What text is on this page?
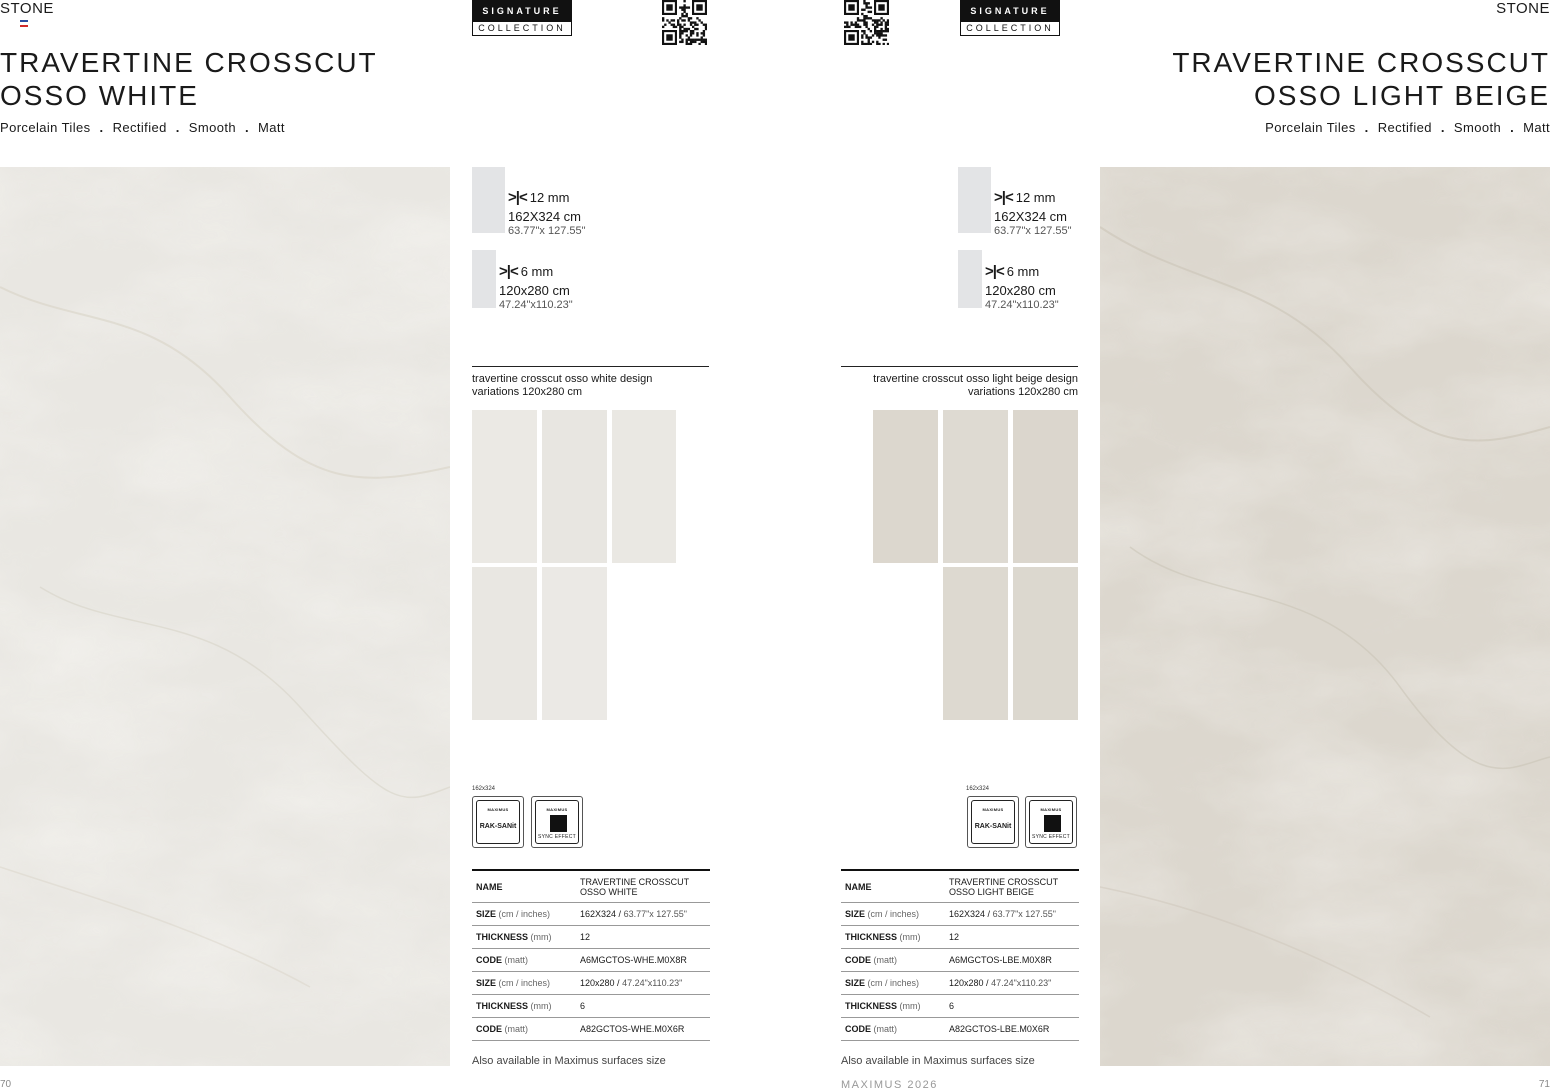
STONE	SIGNATURE
COLLECTION
TRAVERTINE CROSSCUT
OSSO WHITE
Porcelain Tiles . Rectified . Smooth . Matt
>|< 12 mm
162X324 cm
63.77"x 127.55"
>|< 6 mm
120x280 cm
47.24"x110.23"
travertine crosscut osso white design
variations 120x280 cm
162x324
MAXIMUS
RAK-SANit
MAXIMUS
SYNC EFFECT
NAME	TRAVERTINE CROSSCUT
OSSO WHITE

SIZE (cm / inches)	162X324 / 63.77"x 127.55"
THICKNESS (mm)	12
CODE (matt)	A6MGCTOS-WHE.M0X8R
SIZE (cm / inches)	120x280 / 47.24"x110.23"
THICKNESS (mm)	6
CODE (matt)	A82GCTOS-WHE.M0X6R
Also available in Maximus surfaces size
70
SIGNATURE
COLLECTION
STONE
TRAVERTINE CROSSCUT
OSSO LIGHT BEIGE
Porcelain Tiles . Rectified . Smooth . Matt
>|< 12 mm
162X324 cm
63.77"x 127.55"
>|< 6 mm
120x280 cm
47.24"x110.23"
travertine crosscut osso light beige design
variations 120x280 cm
162x324
MAXIMUS
RAK-SANit
MAXIMUS
SYNC EFFECT
NAME	TRAVERTINE CROSSCUT
OSSO LIGHT BEIGE

SIZE (cm / inches)	162X324 / 63.77"x 127.55"
THICKNESS (mm)	12
CODE (matt)	A6MGCTOS-LBE.M0X8R
SIZE (cm / inches)	120x280 / 47.24"x110.23"
THICKNESS (mm)	6
CODE (matt)	A82GCTOS-LBE.M0X6R
Also available in Maximus surfaces size
MAXIMUS 2026	71
